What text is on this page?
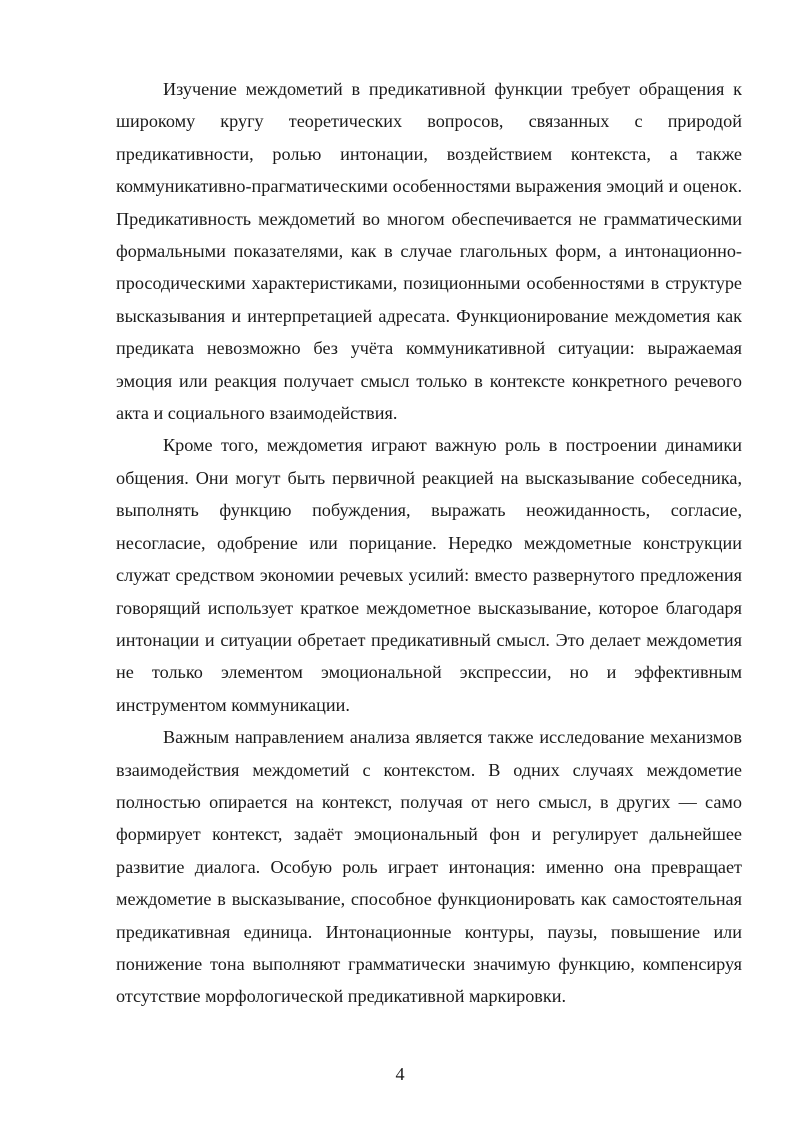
Изучение междометий в предикативной функции требует обращения к широкому кругу теоретических вопросов, связанных с природой предикативности, ролью интонации, воздействием контекста, а также коммуникативно-прагматическими особенностями выражения эмоций и оценок. Предикативность междометий во многом обеспечивается не грамматическими формальными показателями, как в случае глагольных форм, а интонационно-просодическими характеристиками, позиционными особенностями в структуре высказывания и интерпретацией адресата. Функционирование междометия как предиката невозможно без учёта коммуникативной ситуации: выражаемая эмоция или реакция получает смысл только в контексте конкретного речевого акта и социального взаимодействия.

Кроме того, междометия играют важную роль в построении динамики общения. Они могут быть первичной реакцией на высказывание собеседника, выполнять функцию побуждения, выражать неожиданность, согласие, несогласие, одобрение или порицание. Нередко междометные конструкции служат средством экономии речевых усилий: вместо развернутого предложения говорящий использует краткое междометное высказывание, которое благодаря интонации и ситуации обретает предикативный смысл. Это делает междометия не только элементом эмоциональной экспрессии, но и эффективным инструментом коммуникации.

Важным направлением анализа является также исследование механизмов взаимодействия междометий с контекстом. В одних случаях междометие полностью опирается на контекст, получая от него смысл, в других — само формирует контекст, задаёт эмоциональный фон и регулирует дальнейшее развитие диалога. Особую роль играет интонация: именно она превращает междометие в высказывание, способное функционировать как самостоятельная предикативная единица. Интонационные контуры, паузы, повышение или понижение тона выполняют грамматически значимую функцию, компенсируя отсутствие морфологической предикативной маркировки.

4
